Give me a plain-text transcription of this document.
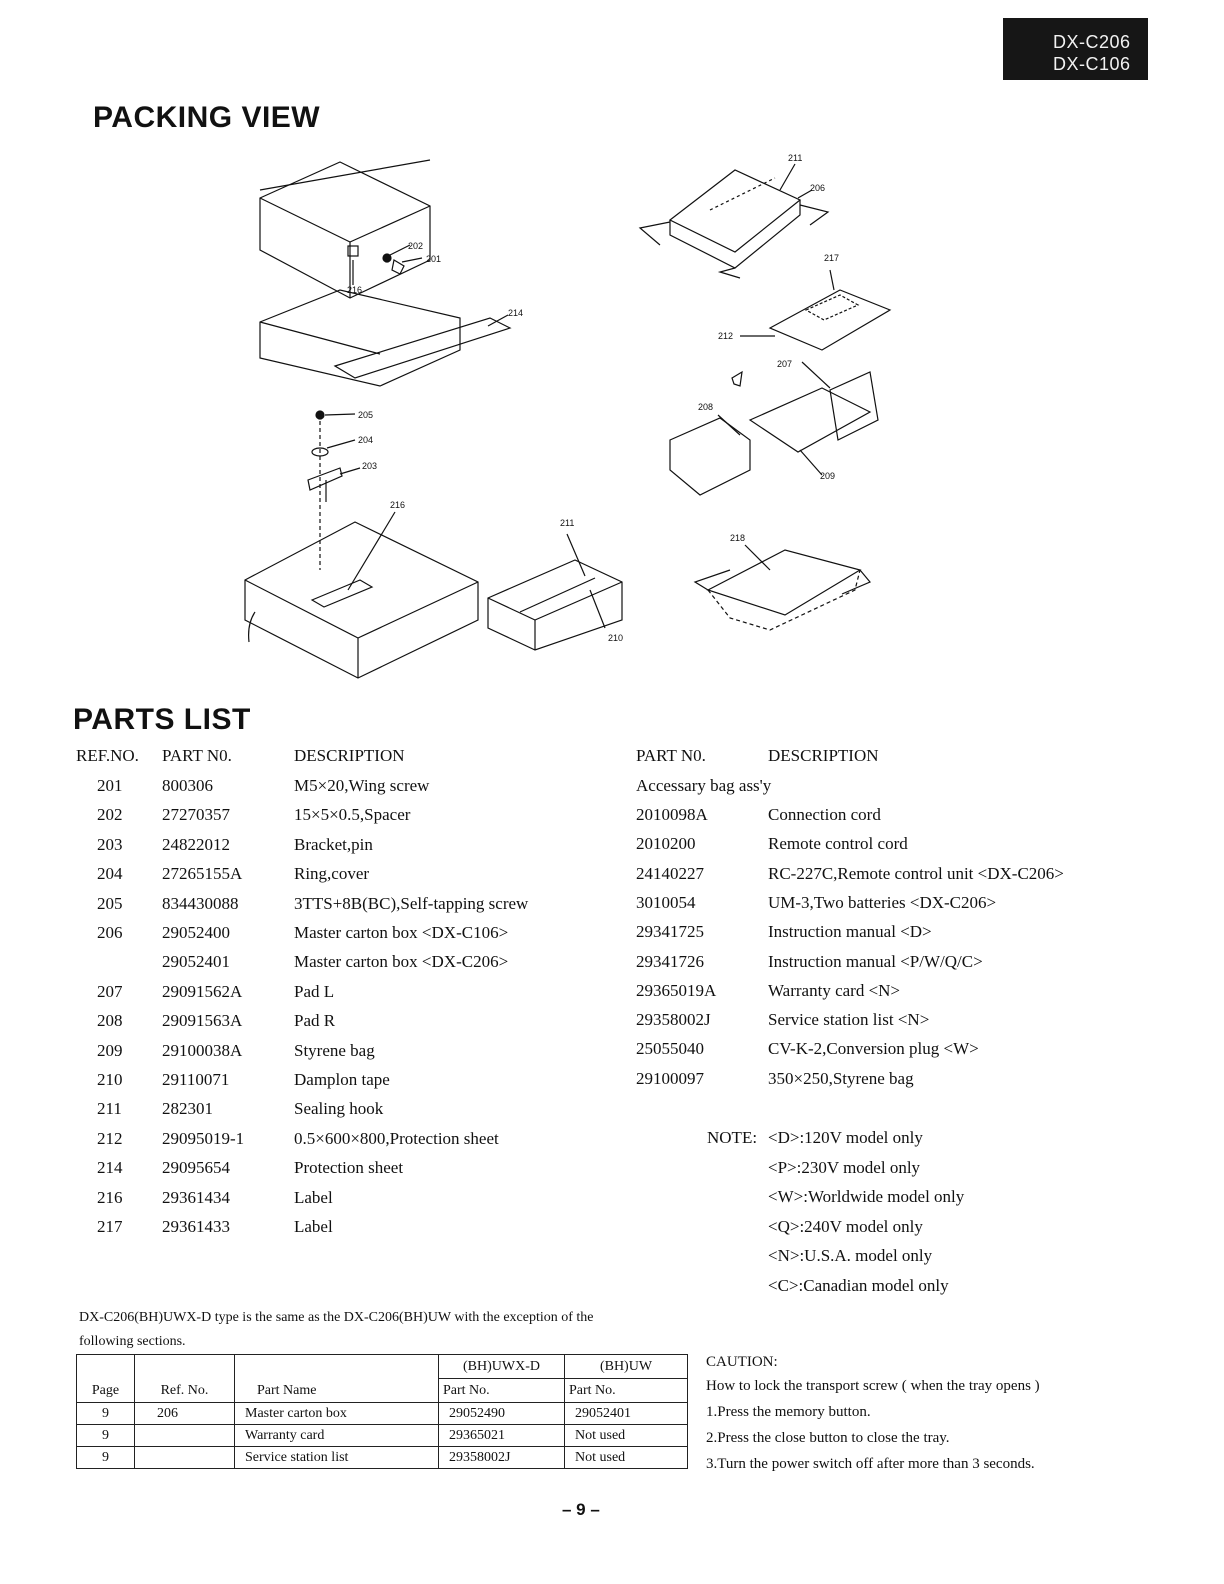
DX-C206
DX-C106
PACKING VIEW
202
201
216
214
205
204
203
216
211
210
211
206
217
212
207
208
209
218
PARTS LIST
REF.NO. PART N0.	DESCRIPTION	PART N0.	DESCRIPTION
201 800306	M5×20,Wing screw
202 27270357	15×5×0.5,Spacer
203 24822012	Bracket,pin
204 27265155A	Ring,cover
205 834430088	3TTS+8B(BC),Self-tapping screw
206 29052400	Master carton box <DX-C106>
29052401	Master carton box <DX-C206>
207 29091562A	Pad L
208 29091563A	Pad R
209 29100038A	Styrene bag
210 29110071	Damplon tape
211 282301	Sealing hook
212 29095019-1	0.5×600×800,Protection sheet
214 29095654	Protection sheet
216 29361434	Label
217 29361433	Label
Accessary bag ass'y
2010098A	Connection cord
2010200	Remote control cord
24140227	RC-227C,Remote control unit <DX-C206>
3010054	UM-3,Two batteries <DX-C206>
29341725	Instruction manual <D>
29341726	Instruction manual <P/W/Q/C>
29365019A	Warranty card <N>
29358002J	Service station list <N>
25055040	CV-K-2,Conversion plug <W>
29100097	350×250,Styrene bag
NOTE: <D>:120V model only
<P>:230V model only
<W>:Worldwide model only
<Q>:240V model only
<N>:U.S.A. model only
<C>:Canadian model only
DX-C206(BH)UWX-D type is the same as the DX-C206(BH)UW with the exception of the
following sections.
Page	Ref. No.	Part Name	(BH)UWX-D	(BH)UW
			Part No.	Part No.
9	206	Master carton box	29052490	29052401
9		Warranty card	29365021	Not used
9		Service station list	29358002J	Not used
CAUTION:
How to lock the transport screw ( when the tray opens )
1.Press the memory button.
2.Press the close button to close the tray.
3.Turn the power switch off after more than 3 seconds.
– 9 –
